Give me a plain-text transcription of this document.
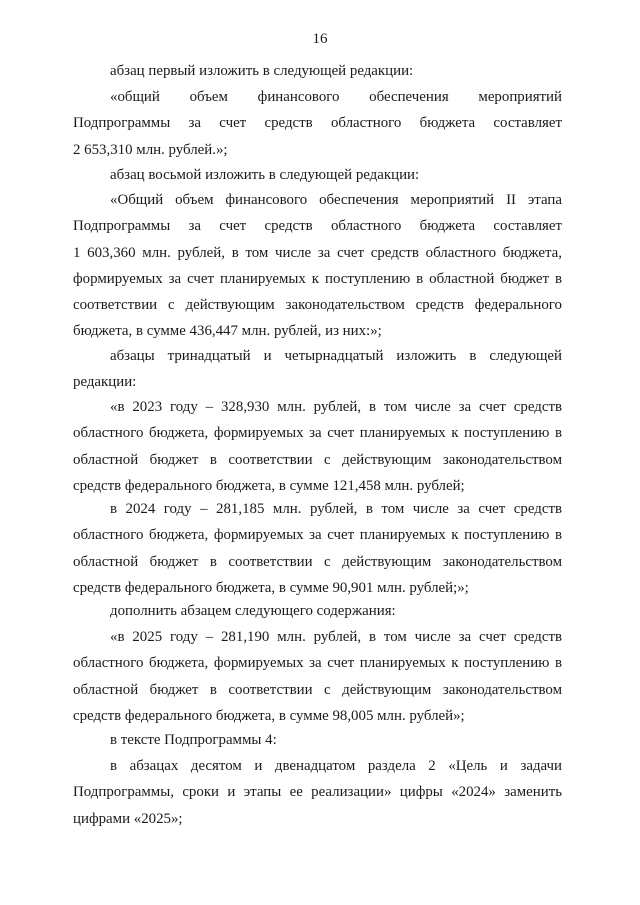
16

абзац первый изложить в следующей редакции:

«общий объем финансового обеспечения мероприятий
Подпрограммы за счет средств областного бюджета составляет
2 653,310 млн. рублей.»;

абзац восьмой изложить в следующей редакции:

«Общий объем финансового обеспечения мероприятий II этапа
Подпрограммы за счет средств областного бюджета составляет
1 603,360 млн. рублей, в том числе за счет средств областного бюджета,
формируемых за счет планируемых к поступлению в областной бюджет в
соответствии с действующим законодательством средств федерального
бюджета, в сумме 436,447 млн. рублей, из них:»;

абзацы тринадцатый и четырнадцатый изложить в следующей
редакции:

«в 2023 году – 328,930 млн. рублей, в том числе за счет средств
областного бюджета, формируемых за счет планируемых к поступлению в
областной бюджет в соответствии с действующим законодательством
средств федерального бюджета, в сумме 121,458 млн. рублей;

в 2024 году – 281,185 млн. рублей, в том числе за счет средств
областного бюджета, формируемых за счет планируемых к поступлению в
областной бюджет в соответствии с действующим законодательством
средств федерального бюджета, в сумме 90,901 млн. рублей;»;

дополнить абзацем следующего содержания:

«в 2025 году – 281,190 млн. рублей, в том числе за счет средств
областного бюджета, формируемых за счет планируемых к поступлению в
областной бюджет в соответствии с действующим законодательством
средств федерального бюджета, в сумме 98,005 млн. рублей»;

в тексте Подпрограммы 4:

в абзацах десятом и двенадцатом раздела 2 «Цель и задачи
Подпрограммы, сроки и этапы ее реализации» цифры «2024» заменить
цифрами «2025»;
